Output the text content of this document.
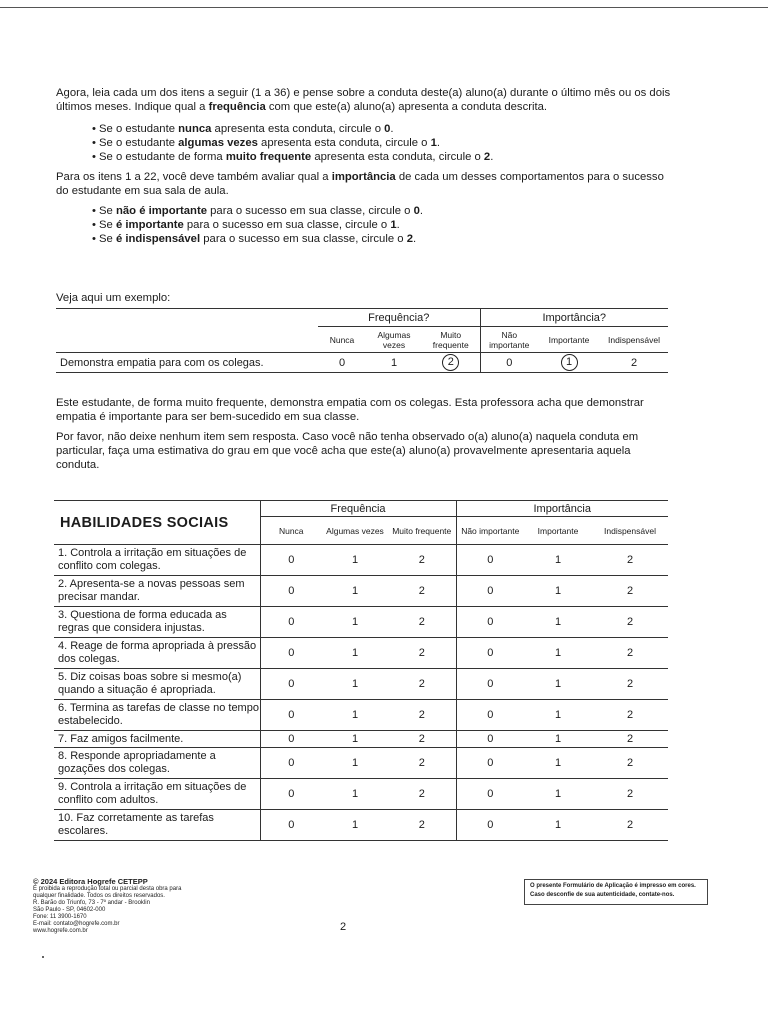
Agora, leia cada um dos itens a seguir (1 a 36) e pense sobre a conduta deste(a) aluno(a) durante o último mês ou os dois últimos meses. Indique qual a frequência com que este(a) aluno(a) apresenta a conduta descrita.

• Se o estudante nunca apresenta esta conduta, circule o 0.
• Se o estudante algumas vezes apresenta esta conduta, circule o 1.
• Se o estudante de forma muito frequente apresenta esta conduta, circule o 2.

Para os itens 1 a 22, você deve também avaliar qual a importância de cada um desses comportamentos para o sucesso do estudante em sua sala de aula.

• Se não é importante para o sucesso em sua classe, circule o 0.
• Se é importante para o sucesso em sua classe, circule o 1.
• Se é indispensável para o sucesso em sua classe, circule o 2.
Veja aqui um exemplo:
	Frequência?			Importância?		
	Nunca	Algumas vezes	Muito frequente	Não importante	Importante	Indispensável
Demonstra empatia para com os colegas.	0	1	2	0	1	2

Este estudante, de forma muito frequente, demonstra empatia com os colegas. Esta professora acha que demonstrar empatia é importante para ser bem-sucedido em sua classe.

Por favor, não deixe nenhum item sem resposta. Caso você não tenha observado o(a) aluno(a) naquela conduta em particular, faça uma estimativa do grau em que você acha que este(a) aluno(a) provavelmente apresentaria aquela conduta.

HABILIDADES SOCIAIS	Frequência			Importância		
	Nunca	Algumas vezes	Muito frequente	Não importante	Importante	Indispensável
1. Controla a irritação em situações de conflito com colegas.	0	1	2	0	1	2
2. Apresenta-se a novas pessoas sem precisar mandar.	0	1	2	0	1	2
3. Questiona de forma educada as regras que considera injustas.	0	1	2	0	1	2
4. Reage de forma apropriada à pressão dos colegas.	0	1	2	0	1	2
5. Diz coisas boas sobre si mesmo(a) quando a situação é apropriada.	0	1	2	0	1	2
6. Termina as tarefas de classe no tempo estabelecido.	0	1	2	0	1	2
7. Faz amigos facilmente.	0	1	2	0	1	2
8. Responde apropriadamente a gozações dos colegas.	0	1	2	0	1	2
9. Controla a irritação em situações de conflito com adultos.	0	1	2	0	1	2
10. Faz corretamente as tarefas escolares.	0	1	2	0	1	2
© 2024 Editora Hogrefe CETEPP
É proibida a reprodução total ou parcial desta obra para
qualquer finalidade. Todos os direitos reservados.
R. Barão do Triunfo, 73 - 7º andar - Brooklin
São Paulo - SP, 04602-000
Fone: 11 3900-1670
E-mail: contato@hogrefe.com.br
www.hogrefe.com.br	2

O presente Formulário de Aplicação é impresso em cores.

Caso desconfie de sua autenticidade, contate-nos.
